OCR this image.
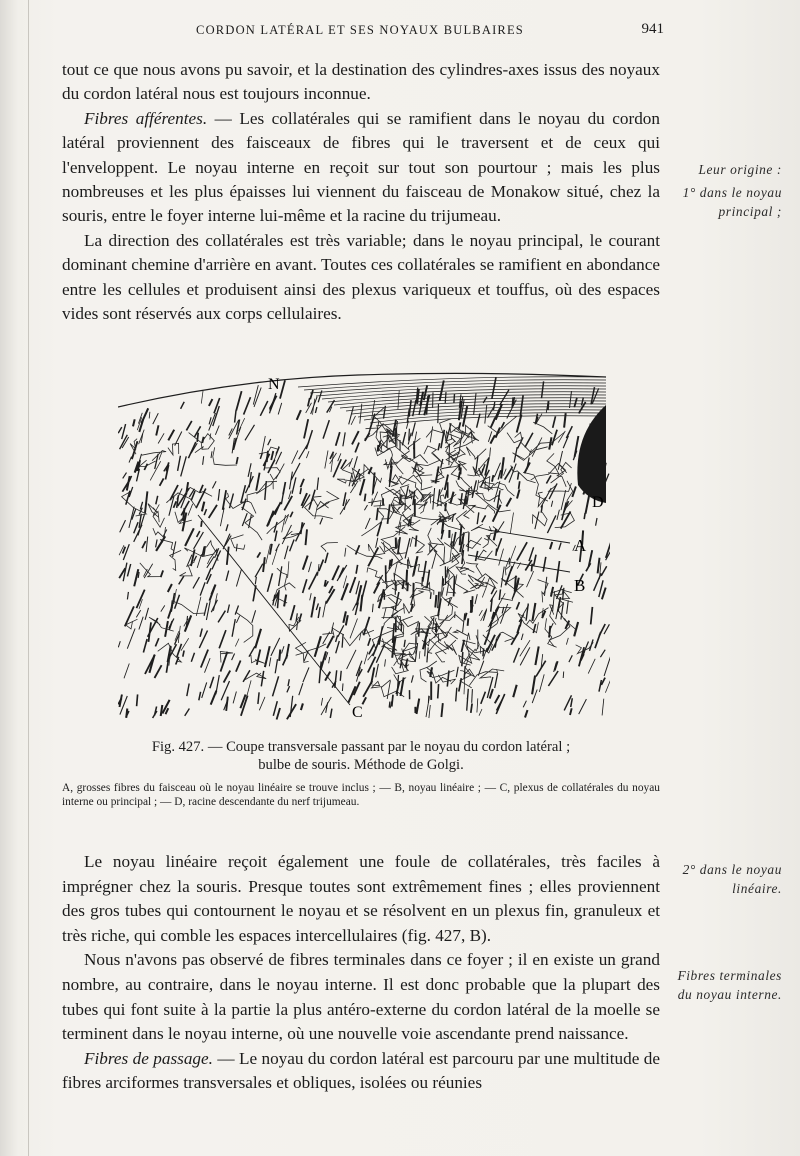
CORDON LATÉRAL ET SES NOYAUX BULBAIRES	941

tout ce que nous avons pu savoir, et la destination des cylindres-axes issus des noyaux du cordon latéral nous est toujours inconnue.

Fibres afférentes. — Les collatérales qui se ramifient dans le noyau du cordon latéral proviennent des faisceaux de fibres qui le traversent et de ceux qui l'enveloppent. Le noyau interne en reçoit sur tout son pourtour ; mais les plus nombreuses et les plus épaisses lui viennent du faisceau de Monakow situé, chez la souris, entre le foyer interne lui-même et la racine du trijumeau.

La direction des collatérales est très variable; dans le noyau principal, le courant dominant chemine d'arrière en avant. Toutes ces collatérales se ramifient en abondance entre les cellules et produisent ainsi des plexus variqueux et touffus, où des espaces vides sont réservés aux corps cellulaires.

Leur origine :
1° dans le noyau principal ;
N
D
A
B
C
Fig. 427. — Coupe transversale passant par le noyau du cordon latéral ;
bulbe de souris. Méthode de Golgi.
A, grosses fibres du faisceau où le noyau linéaire se trouve inclus ; — B, noyau linéaire ; — C, plexus de collatérales du noyau interne ou principal ; — D, racine descendante du nerf trijumeau.

Le noyau linéaire reçoit également une foule de collatérales, très faciles à imprégner chez la souris. Presque toutes sont extrêmement fines ; elles proviennent des gros tubes qui contournent le noyau et se résolvent en un plexus fin, granuleux et très riche, qui comble les espaces intercellulaires (fig. 427, B).

Nous n'avons pas observé de fibres terminales dans ce foyer ; il en existe un grand nombre, au contraire, dans le noyau interne. Il est donc probable que la plupart des tubes qui font suite à la partie la plus antéro-externe du cordon latéral de la moelle se terminent dans le noyau interne, où une nouvelle voie ascendante prend naissance.

Fibres de passage. — Le noyau du cordon latéral est parcouru par une multitude de fibres arciformes transversales et obliques, isolées ou réunies

2° dans le noyau linéaire.
Fibres terminales du noyau interne.
